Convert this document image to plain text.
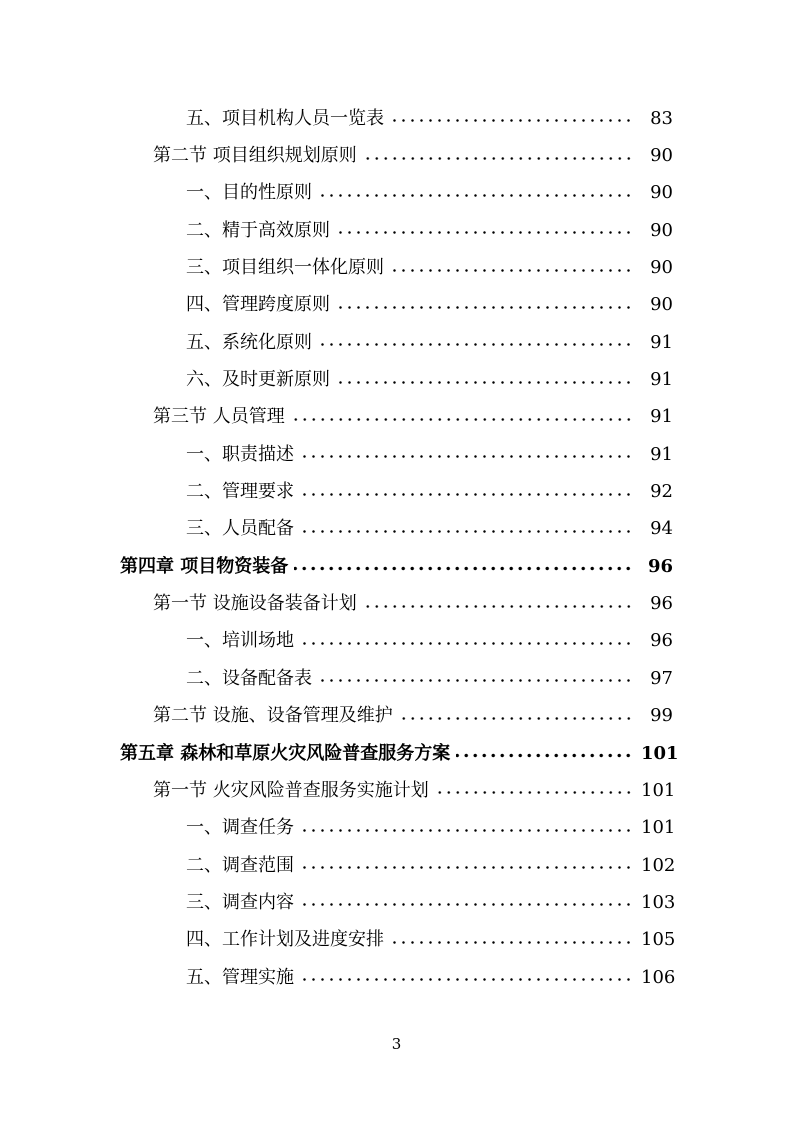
五、项目机构人员一览表	83
第二节 项目组织规划原则	90
一、目的性原则	90
二、精于高效原则	90
三、项目组织一体化原则	90
四、管理跨度原则	90
五、系统化原则	91
六、及时更新原则	91
第三节 人员管理	91
一、职责描述	91
二、管理要求	92
三、人员配备	94
第四章 项目物资装备	96
第一节 设施设备装备计划	96
一、培训场地	96
二、设备配备表	97
第二节 设施、设备管理及维护	99
第五章 森林和草原火灾风险普查服务方案	101
第一节 火灾风险普查服务实施计划	101
一、调查任务	101
二、调查范围	102
三、调查内容	103
四、工作计划及进度安排	105
五、管理实施	106
3
